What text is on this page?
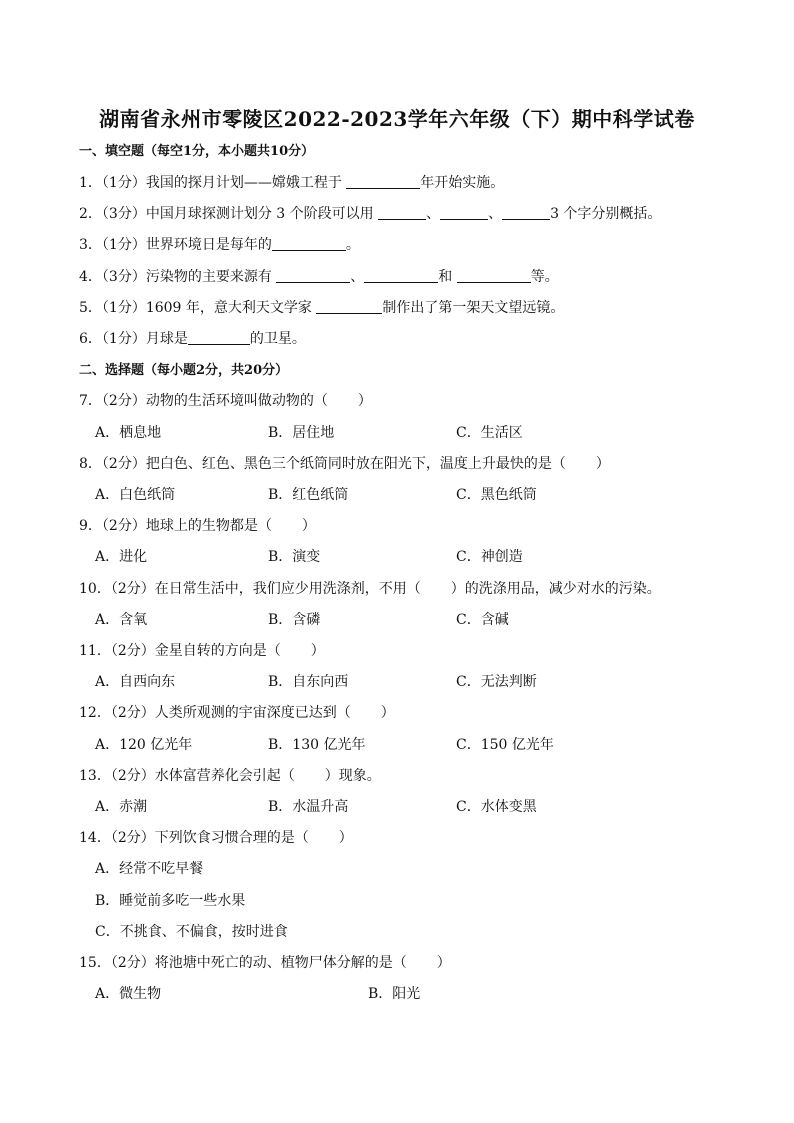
湖南省永州市零陵区2022-2023学年六年级（下）期中科学试卷
一、填空题（每空1分，本小题共10分）
1．（1分）我国的探月计划——嫦娥工程于	年开始实施。
2．（3分）中国月球探测计划分 3 个阶段可以用	、	、	3 个字分别概括。
3．（1分）世界环境日是每年的	。
4．（3分）污染物的主要来源有	、	和	等。
5．（1分）1609 年，意大利天文学家	制作出了第一架天文望远镜。
6．（1分）月球是	的卫星。
二、选择题（每小题2分，共20分）
7．（2分）动物的生活环境叫做动物的（ ）
A．栖息地	B．居住地	C．生活区
8．（2分）把白色、红色、黑色三个纸筒同时放在阳光下，温度上升最快的是（ ）
A．白色纸筒	B．红色纸筒	C．黑色纸筒
9．（2分）地球上的生物都是（ ）
A．进化	B．演变	C．神创造
10．（2分）在日常生活中，我们应少用洗涤剂，不用（ ）的洗涤用品，减少对水的污染。
A．含氧	B．含磷	C．含碱
11．（2分）金星自转的方向是（ ）
A．自西向东	B．自东向西	C．无法判断
12．（2分）人类所观测的宇宙深度已达到（ ）
A．120 亿光年	B．130 亿光年	C．150 亿光年
13．（2分）水体富营养化会引起（ ）现象。
A．赤潮	B．水温升高	C．水体变黑
14．（2分）下列饮食习惯合理的是（ ）
A．经常不吃早餐
B．睡觉前多吃一些水果
C．不挑食、不偏食，按时进食
15．（2分）将池塘中死亡的动、植物尸体分解的是（ ）
A．微生物	B．阳光
